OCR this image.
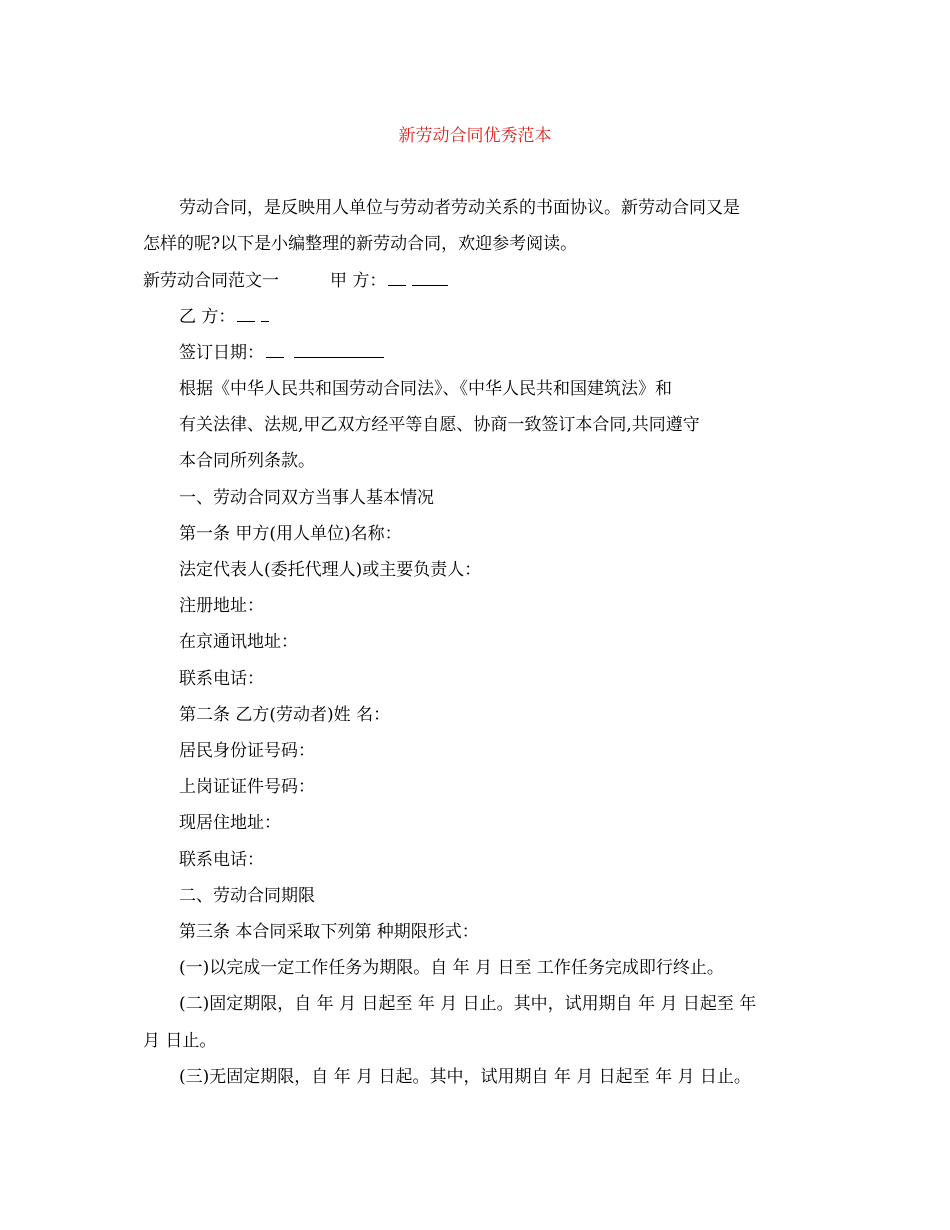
新劳动合同优秀范本
劳动合同，是反映用人单位与劳动者劳动关系的书面协议。新劳动合同又是
怎样的呢?以下是小编整理的新劳动合同，欢迎参考阅读。
新劳动合同范文一	甲 方：
乙 方：
签订日期：
根据《中华人民共和国劳动合同法》、《中华人民共和国建筑法》和
有关法律、法规,甲乙双方经平等自愿、协商一致签订本合同,共同遵守
本合同所列条款。
一、劳动合同双方当事人基本情况
第一条 甲方(用人单位)名称：
法定代表人(委托代理人)或主要负责人：
注册地址：
在京通讯地址：
联系电话：
第二条 乙方(劳动者)姓 名：
居民身份证号码：
上岗证证件号码：
现居住地址：
联系电话：
二、劳动合同期限
第三条 本合同采取下列第 种期限形式：
(一)以完成一定工作任务为期限。自 年 月 日至 工作任务完成即行终止。
(二)固定期限，自 年 月 日起至 年 月 日止。其中，试用期自 年 月 日起至 年
月 日止。
(三)无固定期限，自 年 月 日起。其中，试用期自 年 月 日起至 年 月 日止。
